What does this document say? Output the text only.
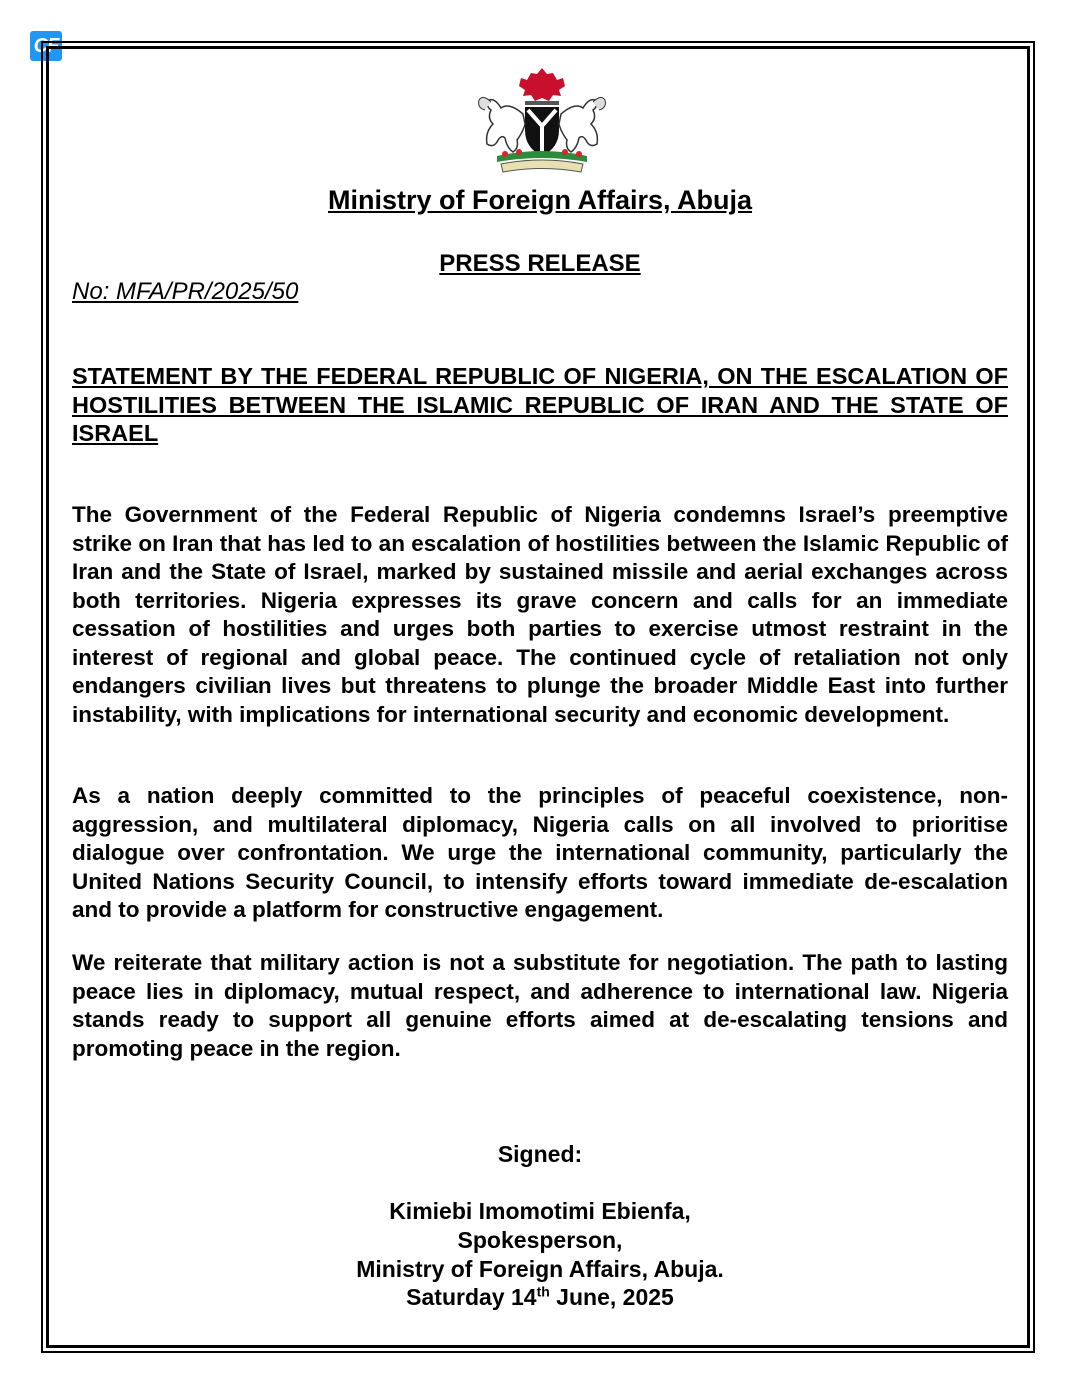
CF
Ministry of Foreign Affairs, Abuja
PRESS RELEASE

No: MFA/PR/2025/50

STATEMENT BY THE FEDERAL REPUBLIC OF NIGERIA, ON THE ESCALATION OF HOSTILITIES BETWEEN THE ISLAMIC REPUBLIC OF IRAN AND THE STATE OF ISRAEL

The Government of the Federal Republic of Nigeria condemns Israel’s preemptive strike on Iran that has led to an escalation of hostilities between the Islamic Republic of Iran and the State of Israel, marked by sustained missile and aerial exchanges across both territories. Nigeria expresses its grave concern and calls for an immediate cessation of hostilities and urges both parties to exercise utmost restraint in the interest of regional and global peace. The continued cycle of retaliation not only endangers civilian lives but threatens to plunge the broader Middle East into further instability, with implications for international security and economic development.

As a nation deeply committed to the principles of peaceful coexistence, non-aggression, and multilateral diplomacy, Nigeria calls on all involved to prioritise dialogue over confrontation. We urge the international community, particularly the United Nations Security Council, to intensify efforts toward immediate de-escalation and to provide a platform for constructive engagement.

We reiterate that military action is not a substitute for negotiation. The path to lasting peace lies in diplomacy, mutual respect, and adherence to international law. Nigeria stands ready to support all genuine efforts aimed at de-escalating tensions and promoting peace in the region.

Signed:

Kimiebi Imomotimi Ebienfa,

Spokesperson,

Ministry of Foreign Affairs, Abuja.

Saturday 14th June, 2025
